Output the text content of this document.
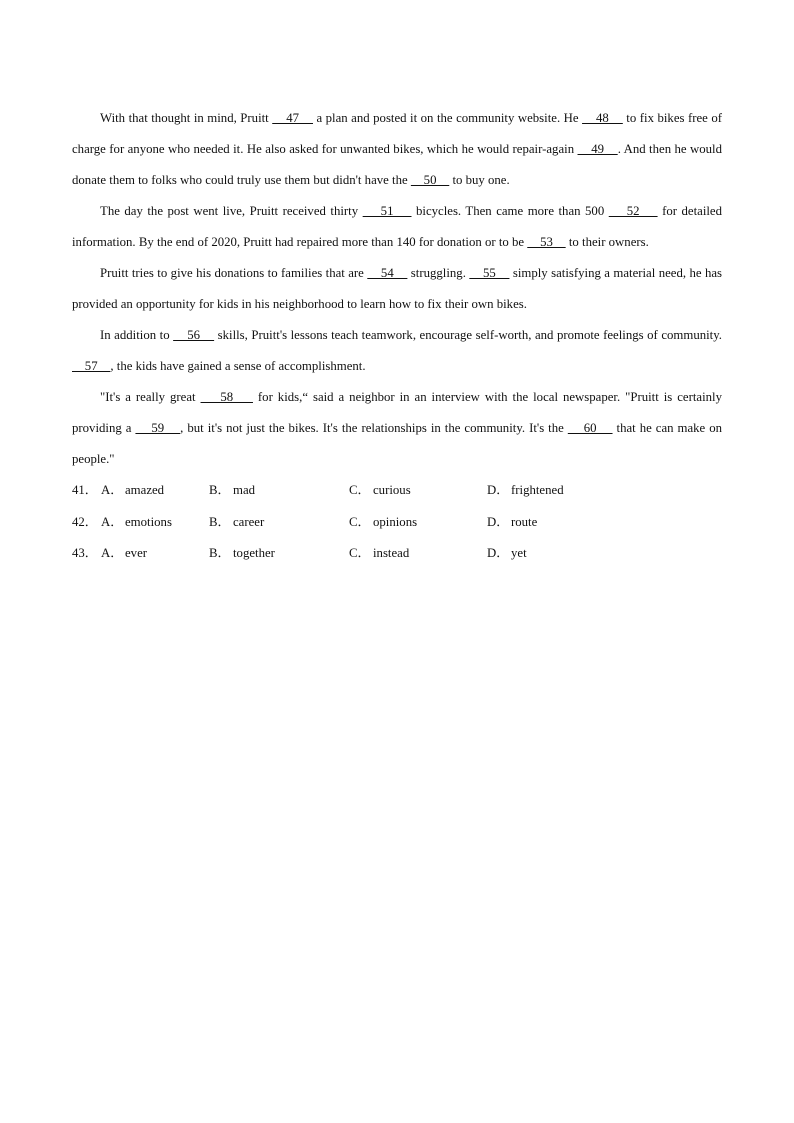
With that thought in mind, Pruitt     47     a plan and posted it on the community website. He     48     to fix bikes free of charge for anyone who needed it. He also asked for unwanted bikes, which he would repair-again     49    . And then he would donate them to folks who could truly use them but didn't have the     50     to buy one.

The day the post went live, Pruitt received thirty     51     bicycles. Then came more than 500     52     for detailed information. By the end of 2020, Pruitt had repaired more than 140 for donation or to be     53     to their owners.

Pruitt tries to give his donations to families that are     54     struggling.     55     simply satisfying a material need, he has provided an opportunity for kids in his neighborhood to learn how to fix their own bikes.

In addition to     56     skills, Pruitt's lessons teach teamwork, encourage self-worth, and promote feelings of community.     57    , the kids have gained a sense of accomplishment.

"It's a really great     58     for kids,“ said a neighbor in an interview with the local newspaper. "Pruitt is certainly providing a     59    , but it's not just the bikes. It's the relationships in the community. It's the     60     that he can make on people."

41． A． amazed	B． mad	C． curious	D． frightened
42． A． emotions	B． career	C． opinions	D． route
43． A． ever	B． together	C． instead	D． yet
